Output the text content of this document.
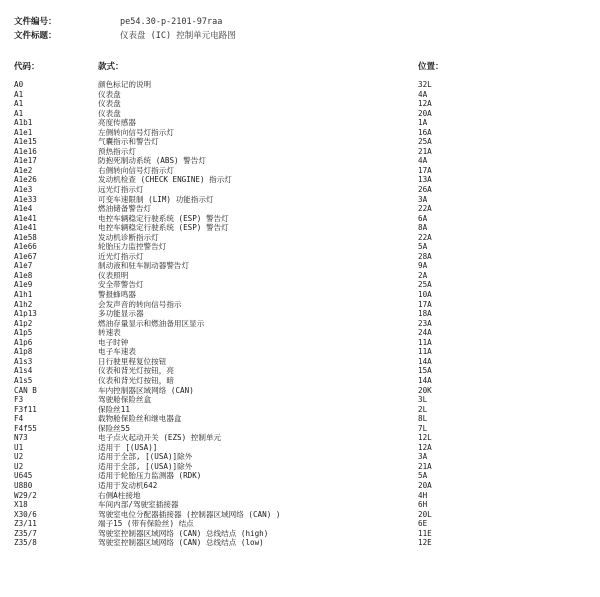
文件编号：	pe54.30-p-2101-97raa
文件标题：	仪表盘 (IC) 控制单元电路图
代码：	款式：	位置：
A0	颜色标记的说明	32L
A1	仪表盘	4A
A1	仪表盘	12A
A1	仪表盘	20A
A1b1	亮度传感器	1A
A1e1	左侧转向信号灯指示灯	16A
A1e15	气囊指示和警告灯	25A
A1e16	预热指示灯	21A
A1e17	防抱死制动系统 (ABS) 警告灯	4A
A1e2	右侧转向信号灯指示灯	17A
A1e26	发动机检查 (CHECK ENGINE) 指示灯	13A
A1e3	远光灯指示灯	26A
A1e33	可变车速限制 (LIM) 功能指示灯	3A
A1e4	燃油储备警告灯	22A
A1e41	电控车辆稳定行驶系统 (ESP) 警告灯	6A
A1e41	电控车辆稳定行驶系统 (ESP) 警告灯	8A
A1e58	发动机诊断指示灯	22A
A1e66	轮胎压力监控警告灯	5A
A1e67	近光灯指示灯	28A
A1e7	制动液和驻车制动器警告灯	9A
A1e8	仪表照明	2A
A1e9	安全带警告灯	25A
A1h1	警报蜂鸣器	10A
A1h2	会发声音的转向信号指示	17A
A1p13	多功能显示器	18A
A1p2	燃油存量显示和燃油备用区显示	23A
A1p5	转速表	24A
A1p6	电子时钟	11A
A1p8	电子车速表	11A
A1s3	日行驶里程复位按钮	14A
A1s4	仪表和背光灯按钮，亮	15A
A1s5	仪表和背光灯按钮，暗	14A
CAN B	车内控制器区域网络 (CAN)	20K
F3	驾驶舱保险丝盒	3L
F3f11	保险丝11	2L
F4	载物舱保险丝和继电器盒	8L
F4f55	保险丝55	7L
N73	电子点火起动开关 (EZS) 控制单元	12L
U1	适用于 [(USA)]	12A
U2	适用于全部, [(USA)]除外	3A
U2	适用于全部, [(USA)]除外	21A
U645	适用于轮胎压力监测器 (RDK)	5A
U880	适用于发动机642	20A
W29/2	右侧A柱接地	4H
X18	车间内部/驾驶室插接器	6H
X30/6	驾驶室电位分配器插接器 (控制器区域网络 (CAN) )	20L
Z3/11	端子15 (带有保险丝) 结点	6E
Z35/7	驾驶室控制器区域网络 (CAN) 总线结点 (high)	11E
Z35/8	驾驶室控制器区域网络 (CAN) 总线结点 (low)	12E
